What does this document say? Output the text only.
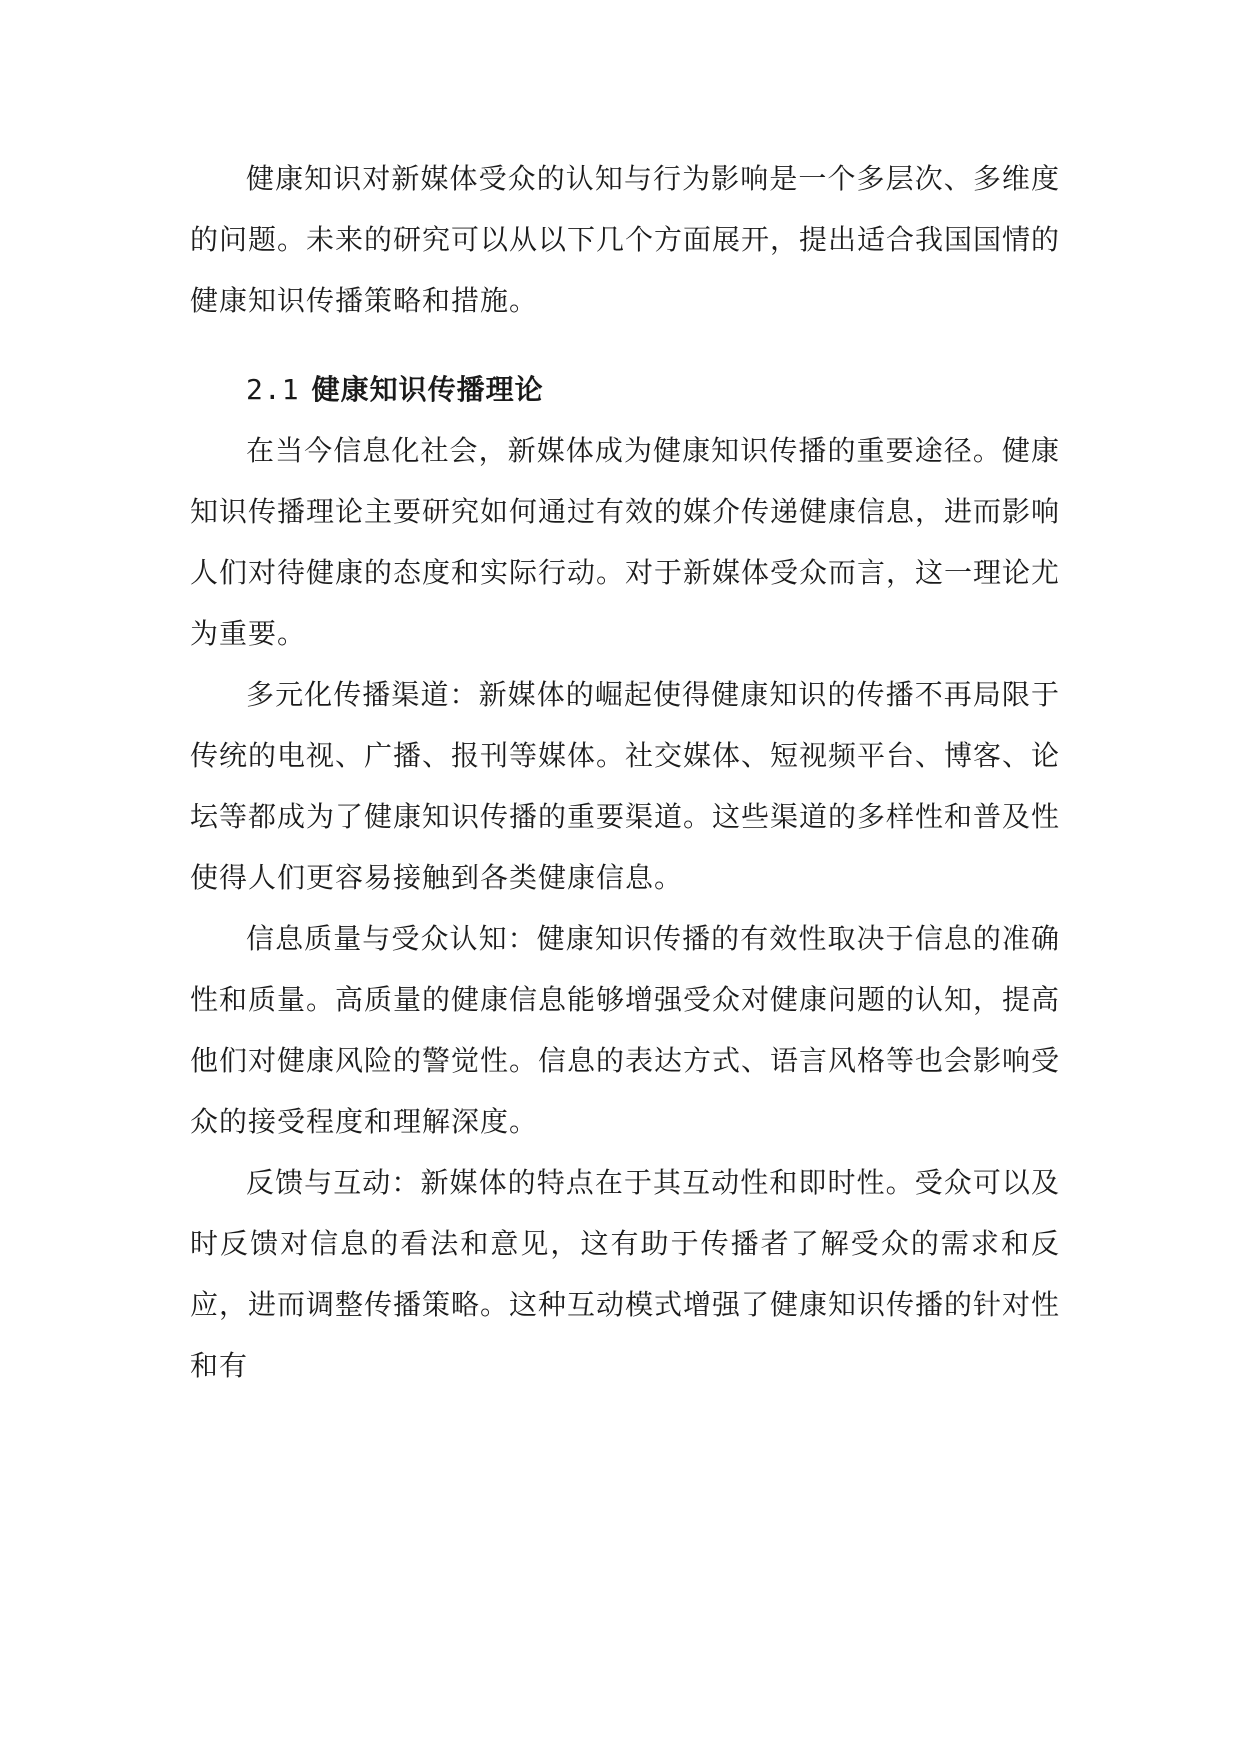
健康知识对新媒体受众的认知与行为影响是一个多层次、多维度的问题。未来的研究可以从以下几个方面展开，提出适合我国国情的健康知识传播策略和措施。

2.1 健康知识传播理论

在当今信息化社会，新媒体成为健康知识传播的重要途径。健康知识传播理论主要研究如何通过有效的媒介传递健康信息，进而影响人们对待健康的态度和实际行动。对于新媒体受众而言，这一理论尤为重要。

多元化传播渠道：新媒体的崛起使得健康知识的传播不再局限于传统的电视、广播、报刊等媒体。社交媒体、短视频平台、博客、论坛等都成为了健康知识传播的重要渠道。这些渠道的多样性和普及性使得人们更容易接触到各类健康信息。

信息质量与受众认知：健康知识传播的有效性取决于信息的准确性和质量。高质量的健康信息能够增强受众对健康问题的认知，提高他们对健康风险的警觉性。信息的表达方式、语言风格等也会影响受众的接受程度和理解深度。

反馈与互动：新媒体的特点在于其互动性和即时性。受众可以及时反馈对信息的看法和意见，这有助于传播者了解受众的需求和反应，进而调整传播策略。这种互动模式增强了健康知识传播的针对性和有
